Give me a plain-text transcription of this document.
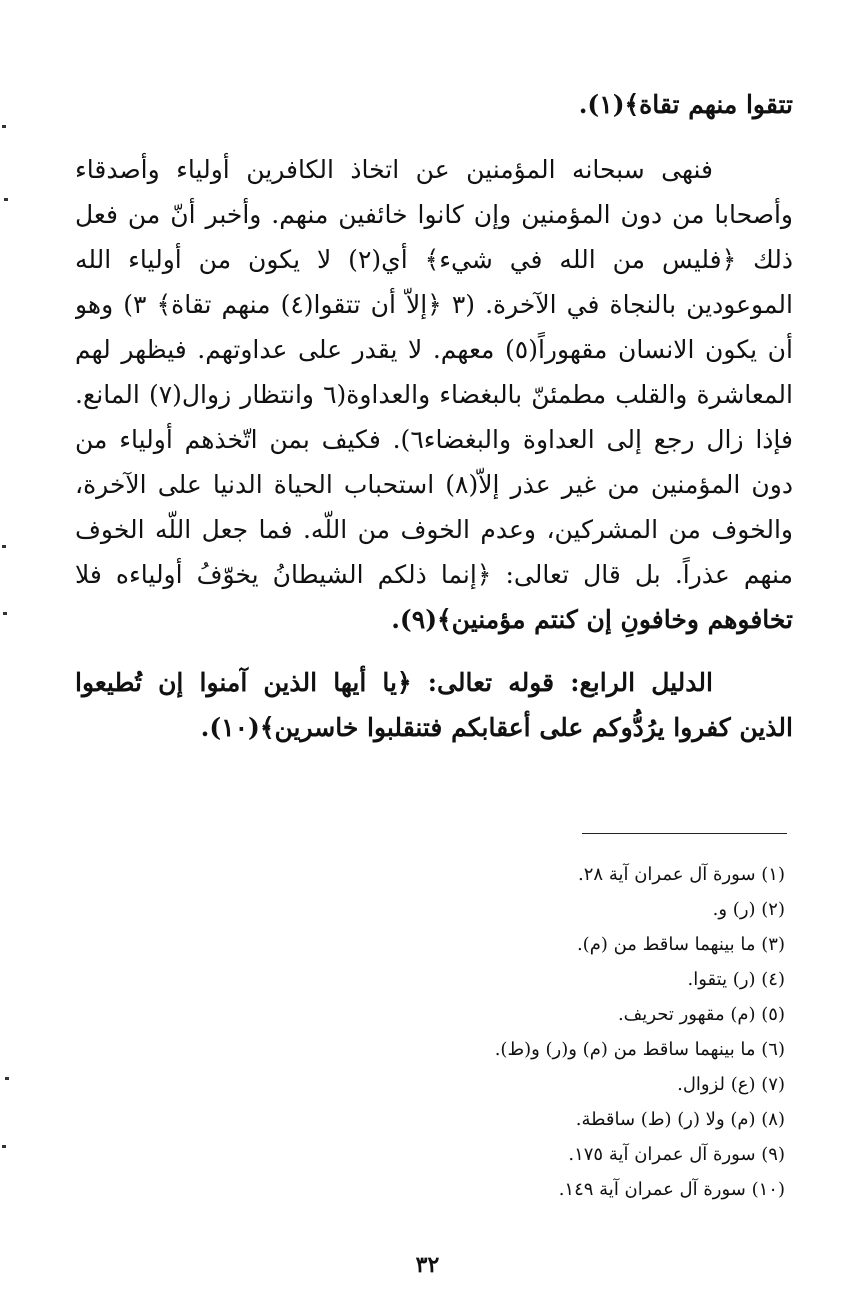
تتقوا منهم تقاة﴾(١).
فنهى سبحانه المؤمنين عن اتخاذ الكافرين أولياء وأصدقاء
وأصحابا من دون المؤمنين وإن كانوا خائفين منهم. وأخبر أنّ من فعل
ذلك ﴿فليس من الله في شيء﴾ أي(٢) لا يكون من أولياء الله
الموعودين بالنجاة في الآخرة. (٣ ﴿إلاّ أن تتقوا(٤) منهم تقاة﴾ ٣) وهو
أن يكون الانسان مقهوراً(٥) معهم. لا يقدر على عداوتهم. فيظهر لهم
المعاشرة والقلب مطمئنّ بالبغضاء والعداوة(٦ وانتظار زوال(٧) المانع.
فإذا زال رجع إلى العداوة والبغضاء٦). فكيف بمن اتّخذهم أولياء من
دون المؤمنين من غير عذر إلاّ(٨) استحباب الحياة الدنيا على الآخرة،
والخوف من المشركين، وعدم الخوف من اللّه. فما جعل اللّه الخوف
منهم عذراً. بل قال تعالى: ﴿إنما ذلكم الشيطانُ يخوّفُ أولياءه فلا
تخافوهم وخافونِ إن كنتم مؤمنين﴾(٩).
الدليل الرابع: قوله تعالى: ﴿يا أيها الذين آمنوا إن تُطيعوا
الذين كفروا يرُدُّوكم على أعقابكم فتنقلبوا خاسرين﴾(١٠).
(١) سورة آل عمران آية ٢٨.
(٢) (ر) و.
(٣) ما بينهما ساقط من (م).
(٤) (ر) يتقوا.
(٥) (م) مقهور تحريف.
(٦) ما بينهما ساقط من (م) و(ر) و(ط).
(٧) (ع) لزوال.
(٨) (م) ولا (ر) (ط) ساقطة.
(٩) سورة آل عمران آية ١٧٥.
(١٠) سورة آل عمران آية ١٤٩.
٣٢
